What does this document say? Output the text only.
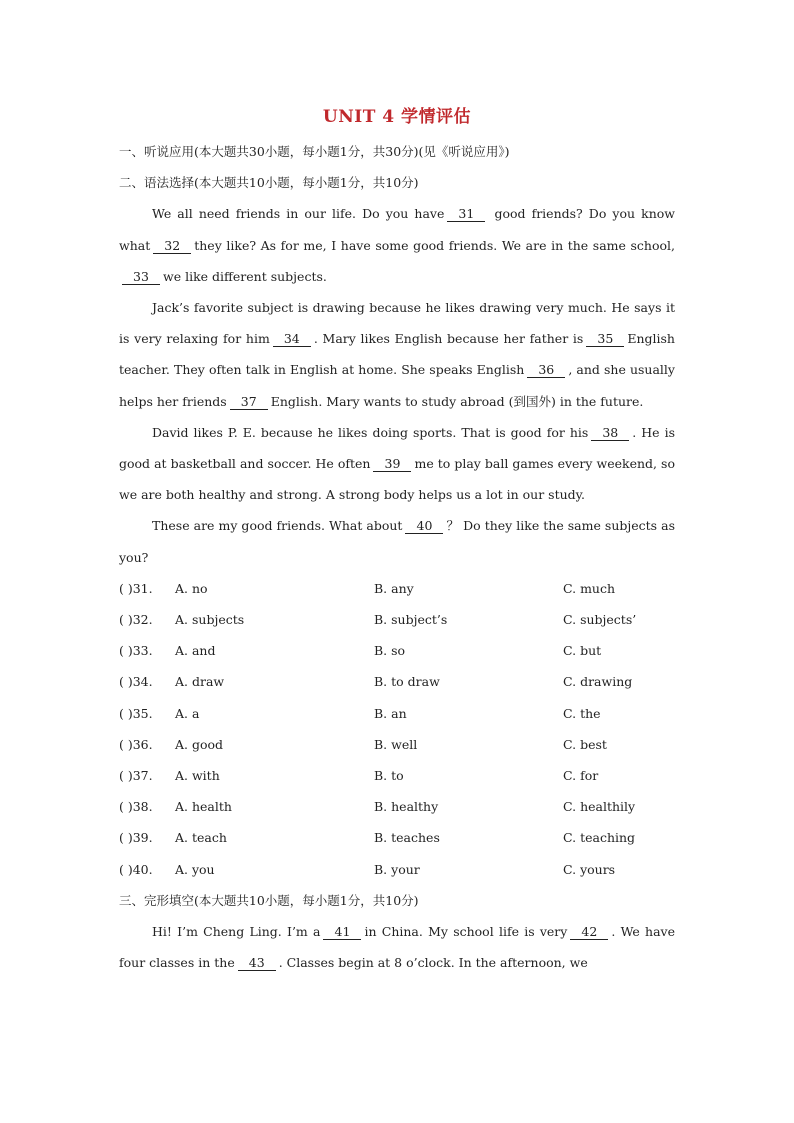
UNIT 4 学情评估
一、听说应用(本大题共30小题，每小题1分，共30分)(见《听说应用》)
二、语法选择(本大题共10小题，每小题1分，共10分)

We all need friends in our life. Do you have 31 good friends? Do you know what 32 they like? As for me, I have some good friends. We are in the same school,33 we like different subjects.

Jack’s favorite subject is drawing because he likes drawing very much. He says it is very relaxing for him 34 . Mary likes English because her father is 35 English teacher. They often talk in English at home. She speaks English 36 , and she usually helps her friends 37 English. Mary wants to study abroad (到国外) in the future.

David likes P. E. because he likes doing sports. That is good for his 38 . He is good at basketball and soccer. He often 39 me to play ball games every weekend, so we are both healthy and strong. A strong body helps us a lot in our study.

These are my good friends. What about 40 ？ Do they like the same subjects as you?

( )31. A. no	B. any	C. much
( )32. A. subjects	B. subject’s	C. subjects’
( )33. A. and	B. so	C. but
( )34. A. draw	B. to draw	C. drawing
( )35. A. a	B. an	C. the
( )36. A. good	B. well	C. best
( )37. A. with	B. to	C. for
( )38. A. health	B. healthy	C. healthily
( )39. A. teach	B. teaches	C. teaching
( )40. A. you	B. your	C. yours
三、完形填空(本大题共10小题，每小题1分，共10分)

Hi! I’m Cheng Ling. I’m a 41 in China. My school life is very 42 . We have four classes in the 43 . Classes begin at 8 o’clock. In the afternoon, we
